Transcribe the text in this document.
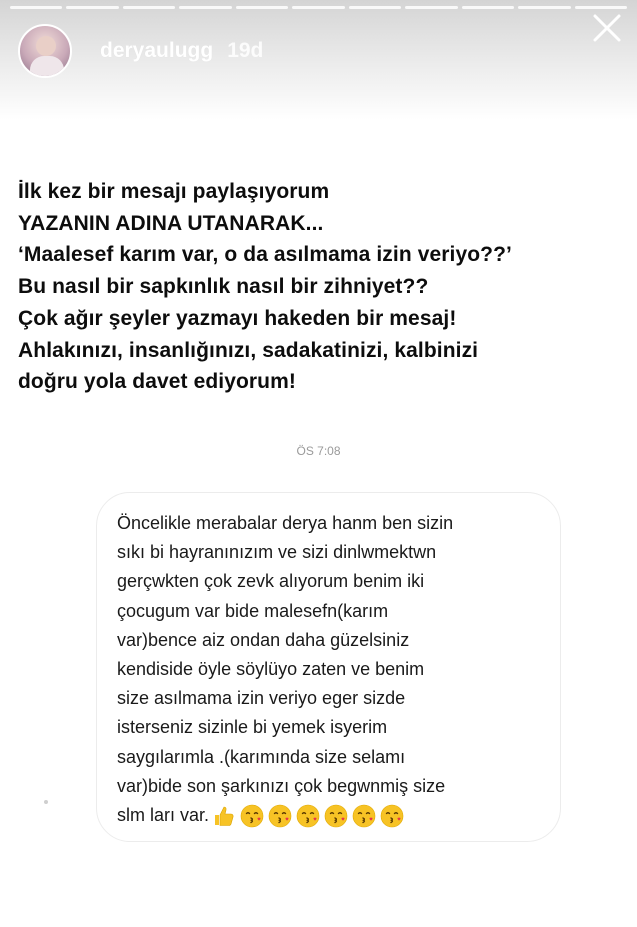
deryaulugg 19d
İlk kez bir mesajı paylaşıyorum
YAZANIN ADINA UTANARAK...
‘Maalesef karım var, o da asılmama izin veriyo??’
Bu nasıl bir sapkınlık nasıl bir zihniyet??
Çok ağır şeyler yazmayı hakeden bir mesaj!
Ahlakınızı, insanlığınızı, sadakatinizi, kalbinizi
doğru yola davet ediyorum!
ÖS 7:08
Öncelikle merabalar derya hanm ben sizin
sıkı bi hayranınızım ve sizi dinlwmektwn
gerçwkten çok zevk alıyorum benim iki
çocugum var bide malesefn(karım
var)bence aiz ondan daha güzelsiniz
kendiside öyle söylüyo zaten ve benim
size asılmama izin veriyo eger sizde
isterseniz sizinle bi yemek isyerim
saygılarımla .(karımında size selamı
var)bide son şarkınızı çok begwnmiş size
slm ları var.
